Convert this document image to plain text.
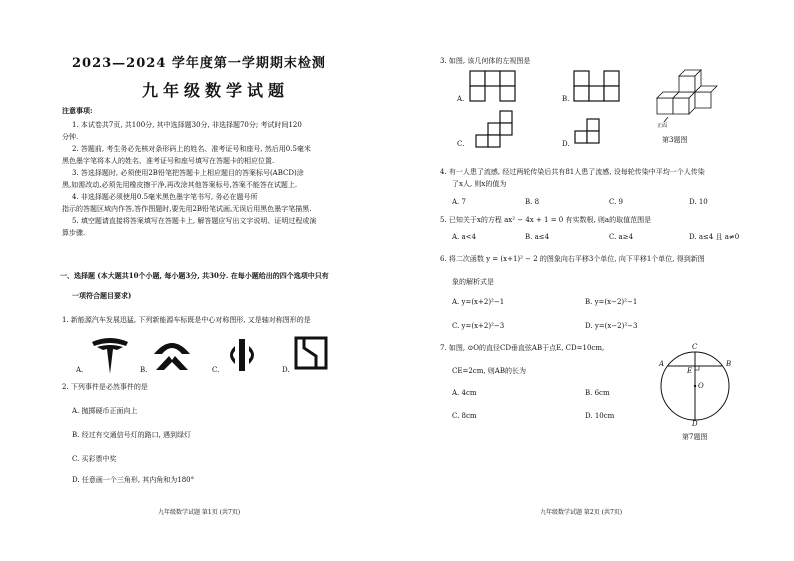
2023—2024 学年度第一学期期末检测
九年级数学试题
注意事项:
1. 本试卷共7页, 共100分, 其中选择题30分, 非选择题70分; 考试时间120
分钟.
2. 答题前, 考生务必先核对条形码上的姓名、准考证号和座号, 然后用0.5毫米
黑色墨字笔将本人的姓名、准考证号和座号填写在答题卡的相应位置.
3. 答选择题时, 必须使用2B铅笔把答题卡上相应题目的答案标号(ABCD)涂
黑,如需改动,必须先用橡皮擦干净,再改涂其他答案标号,答案不能答在试题上.
4. 非选择题必须使用0.5毫米黑色墨字笔书写, 务必在题号所
指示的答题区域内作答,答作图题时,要先用2B铅笔试画,无误后用黑色墨字笔描黑.
5. 填空题请直接将答案填写在答题卡上, 解答题应写出文字说明、证明过程或演
算步骤.
一、选择题 (本大题共10个小题, 每小题3分, 共30分. 在每小题给出的四个选项中只有
一项符合题目要求)
1. 新能源汽车发展迅猛, 下列新能源车标既是中心对称图形, 又是轴对称图形的是
A.	B.	C.	D.
2. 下列事件是必然事件的是
A. 抛掷硬币正面向上
B. 经过有交通信号灯的路口, 遇到绿灯
C. 买彩票中奖
D. 任意画一个三角形, 其内角和为180°
九年级数学试题 第1页 (共7页)
3. 如图, 该几何体的左视图是
A.	B.
C.	D.
正面
第3题图
4. 有一人患了流感, 经过两轮传染后共有81人患了流感, 设每轮传染中平均一个人传染
了x人, 则x的值为
A. 7	B. 8	C. 9	D. 10
5. 已知关于x的方程 ax² − 4x + 1 = 0 有实数根, 则a的取值范围是
A. a<4	B. a≤4	C. a≥4	D. a≤4 且 a≠0
6. 将二次函数 y = (x+1)² − 2 的图象向右平移3个单位, 向下平移1个单位, 得到新图
象的解析式是
A. y=(x+2)²−1	B. y=(x−2)²−1
C. y=(x+2)²−3	D. y=(x−2)²−3
7. 如图, ⊙O的直径CD垂直弦AB于点E, CD=10cm,
CE=2cm, 则AB的长为
A. 4cm	B. 6cm
C. 8cm	D. 10cm
C
A	B
E
O
D
第7题图
九年级数学试题 第2页 (共7页)
